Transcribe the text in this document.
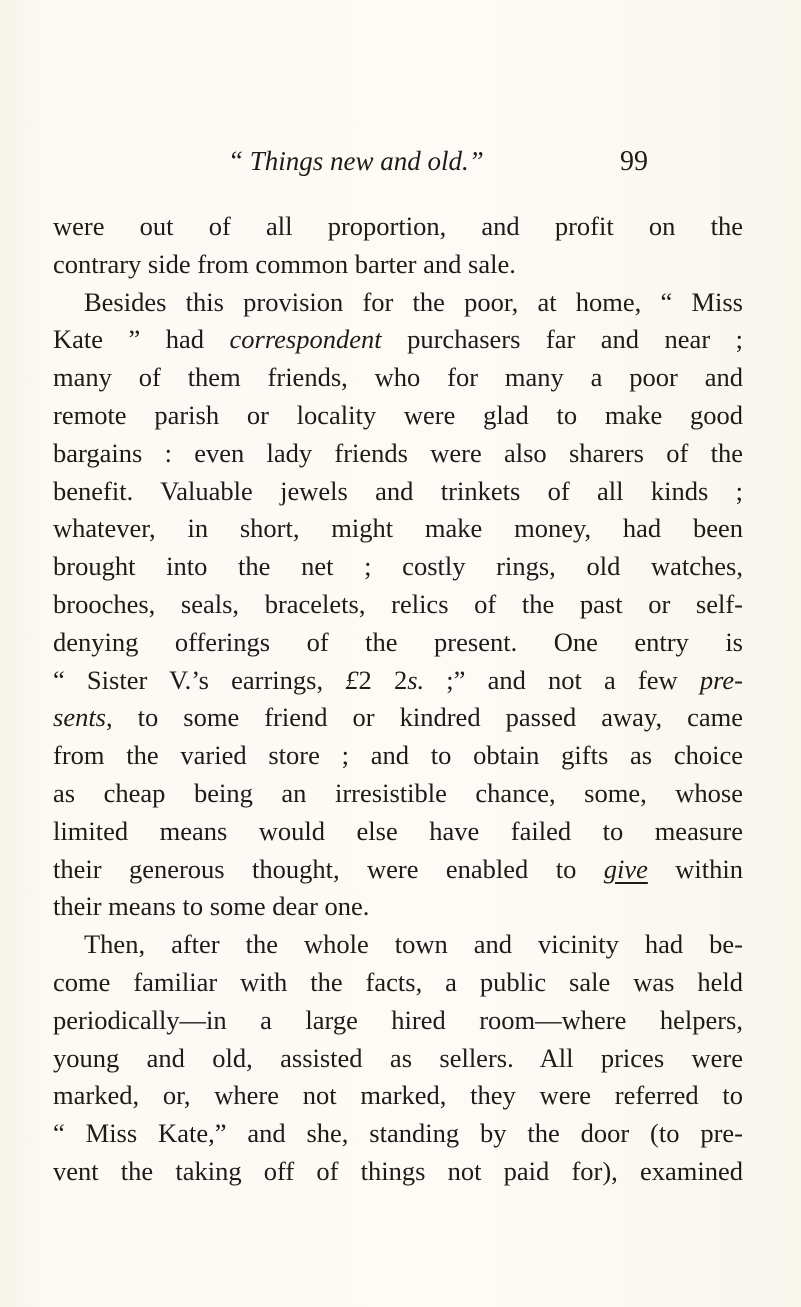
“ Things new and old.”	99
were out of all proportion, and profit on the
contrary side from common barter and sale.
Besides this provision for the poor, at home, “ Miss
Kate ” had correspondent purchasers far and near ;
many of them friends, who for many a poor and
remote parish or locality were glad to make good
bargains : even lady friends were also sharers of the
benefit. Valuable jewels and trinkets of all kinds ;
whatever, in short, might make money, had been
brought into the net ; costly rings, old watches,
brooches, seals, bracelets, relics of the past or self-
denying offerings of the present. One entry is
“ Sister V.’s earrings, £2 2s. ;” and not a few pre-
sents, to some friend or kindred passed away, came
from the varied store ; and to obtain gifts as choice
as cheap being an irresistible chance, some, whose
limited means would else have failed to measure
their generous thought, were enabled to give within
their means to some dear one.
Then, after the whole town and vicinity had be-
come familiar with the facts, a public sale was held
periodically—in a large hired room—where helpers,
young and old, assisted as sellers. All prices were
marked, or, where not marked, they were referred to
“ Miss Kate,” and she, standing by the door (to pre-
vent the taking off of things not paid for), examined
